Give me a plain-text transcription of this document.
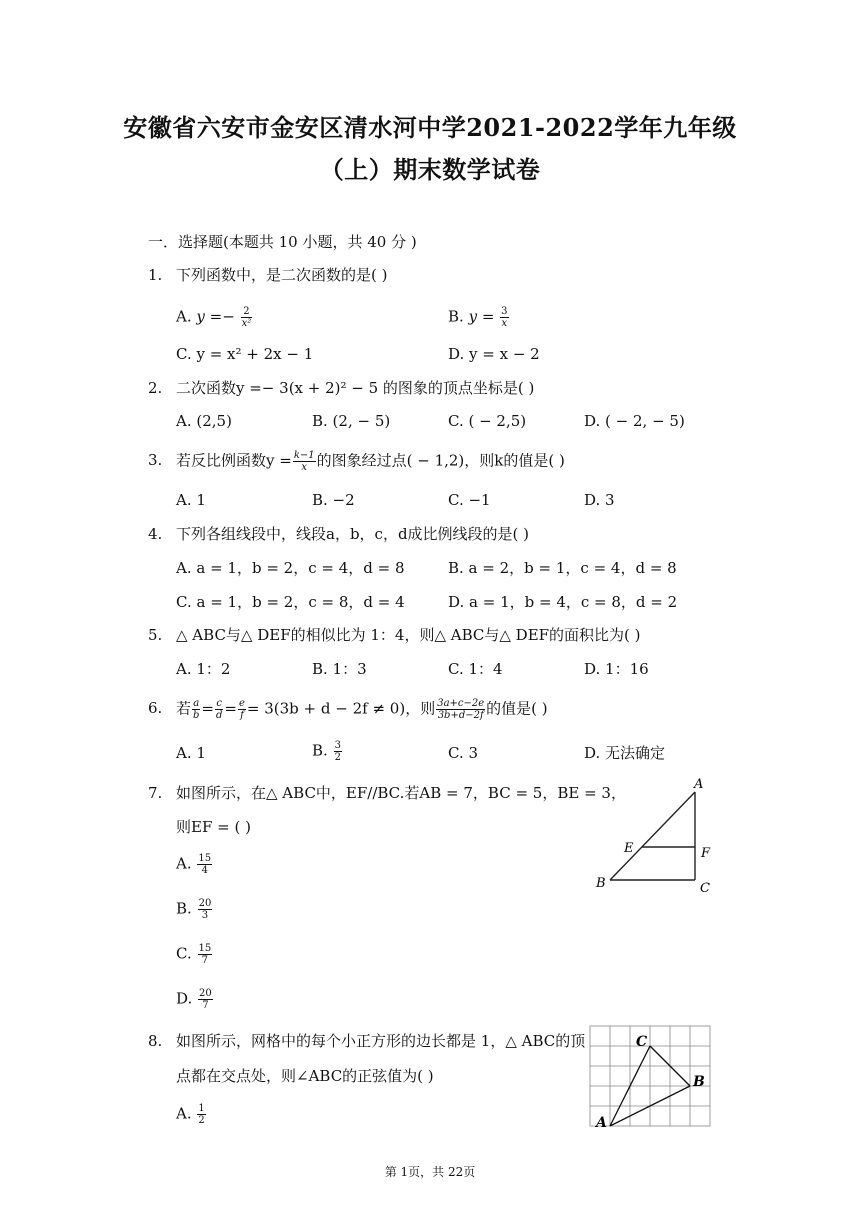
安徽省六安市金安区清水河中学2021-2022学年九年级
（上）期末数学试卷
一．选择题(本题共 10 小题，共 40 分 )
1. 下列函数中，是二次函数的是( )
A. $y =- \frac{2}{\text{x²}}$	B. $y = \frac{3}{x}$
C. y = x² + 2x − 1	D. y = x − 2
2. 二次函数y =− 3(x + 2)² − 5 的图象的顶点坐标是( )
A. (2,5)	B. (2, − 5)	C. ( − 2,5)	D. ( − 2, − 5)
3. 若反比例函数$y = \frac{k-1}{x}$ 的图象经过点( − 1,2)，则k的值是( )
A. 1	B. −2	C. −1	D. 3
4. 下列各组线段中，线段a，b，c，d成比例线段的是( )
A. a = 1，b = 2，c = 4，d = 8	B. a = 2，b = 1，c = 4，d = 8
C. a = 1，b = 2，c = 8，d = 4	D. a = 1，b = 4，c = 8，d = 2
5. △ ABC与△ DEF的相似比为 1：4，则△ ABC与△ DEF的面积比为( )
A. 1：2	B. 1：3	C. 1：4	D. 1：16
6. 若 $\frac{a}{b} = \frac{c}{d} = \frac{e}{f} = 3(3b + d - 2f \ne 0)$，则 $\frac{3a+c-2e}{3b+d-2f}$ 的值是( )
A. 1	B. $\frac{3}{2}$	C. 3	D. 无法确定
7. 如图所示，在△ ABC中，EF//BC.若AB = 7，BC = 5，BE = 3，
则EF = ( )
A. $\frac{15}{4}$
B. $\frac{20}{3}$
C. $\frac{15}{7}$
D. $\frac{20}{7}$
A
B	C
E	F
8. 如图所示，网格中的每个小正方形的边长都是 1，△ ABC的顶
点都在交点处，则∠ABC的正弦值为( )
A. $\frac{1}{2}$
C
B
A
第 1页，共 22页
